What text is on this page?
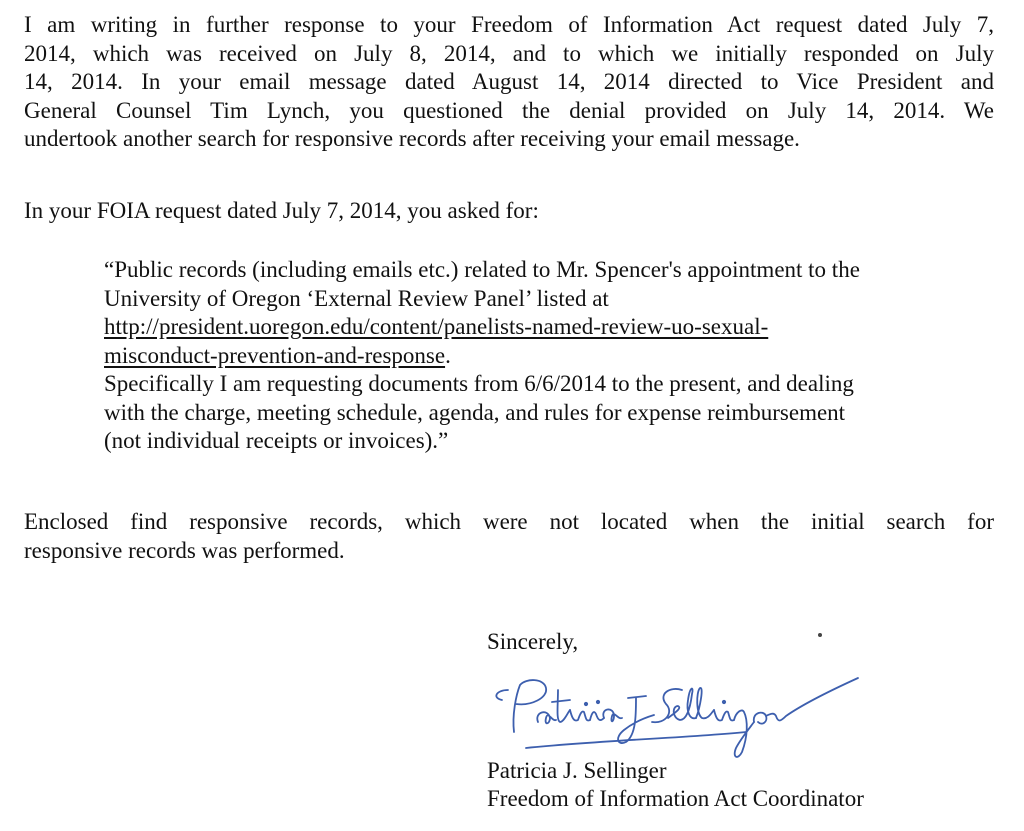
I am writing in further response to your Freedom of Information Act request dated July 7,
2014, which was received on July 8, 2014, and to which we initially responded on July
14, 2014. In your email message dated August 14, 2014 directed to Vice President and
General Counsel Tim Lynch, you questioned the denial provided on July 14, 2014. We
undertook another search for responsive records after receiving your email message.
In your FOIA request dated July 7, 2014, you asked for:
“Public records (including emails etc.) related to Mr. Spencer's appointment to the
University of Oregon ‘External Review Panel’ listed at
http://president.uoregon.edu/content/panelists-named-review-uo-sexual-
misconduct-prevention-and-response.
Specifically I am requesting documents from 6/6/2014 to the present, and dealing
with the charge, meeting schedule, agenda, and rules for expense reimbursement
(not individual receipts or invoices).”
Enclosed find responsive records, which were not located when the initial search for
responsive records was performed.
Sincerely,
Patricia J. Sellinger
Freedom of Information Act Coordinator
